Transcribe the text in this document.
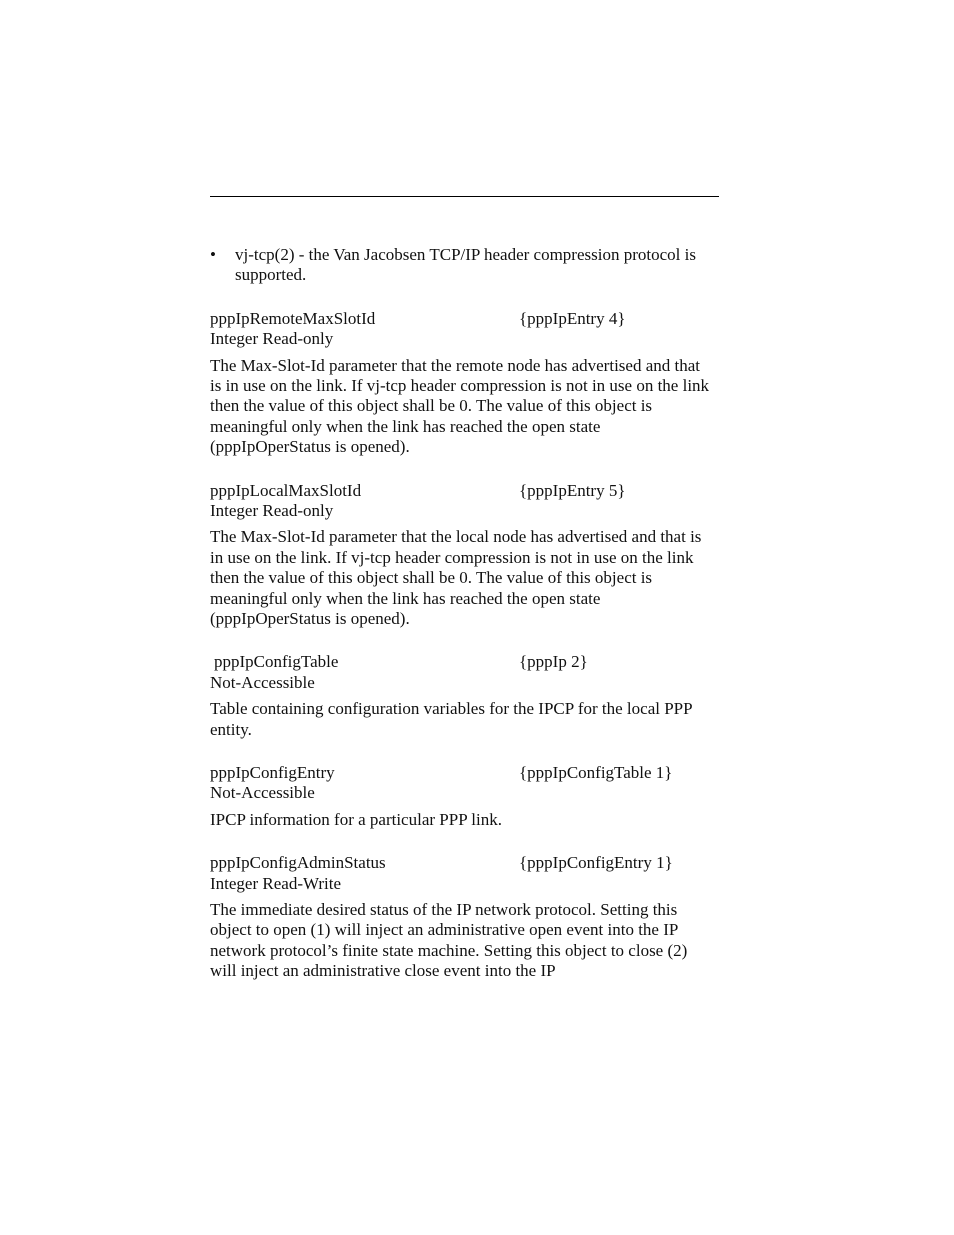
• vj-tcp(2) - the Van Jacobsen TCP/IP header compression protocol is supported.
pppIpRemoteMaxSlotId	{pppIpEntry 4}
Integer Read-only

The Max-Slot-Id parameter that the remote node has advertised and that is in use on the link. If vj-tcp header compression is not in use on the link then the value of this object shall be 0. The value of this object is meaningful only when the link has reached the open state (pppIpOperStatus is opened).

pppIpLocalMaxSlotId	{pppIpEntry 5}
Integer Read-only

The Max-Slot-Id parameter that the local node has advertised and that is in use on the link. If vj-tcp header compression is not in use on the link then the value of this object shall be 0. The value of this object is meaningful only when the link has reached the open state (pppIpOperStatus is opened).

pppIpConfigTable	{pppIp 2}
Not-Accessible

Table containing configuration variables for the IPCP for the local PPP entity.

pppIpConfigEntry	{pppIpConfigTable 1}
Not-Accessible

IPCP information for a particular PPP link.

pppIpConfigAdminStatus	{pppIpConfigEntry 1}
Integer Read-Write

The immediate desired status of the IP network protocol. Setting this object to open (1) will inject an administrative open event into the IP network protocol’s finite state machine. Setting this object to close (2) will inject an administrative close event into the IP
